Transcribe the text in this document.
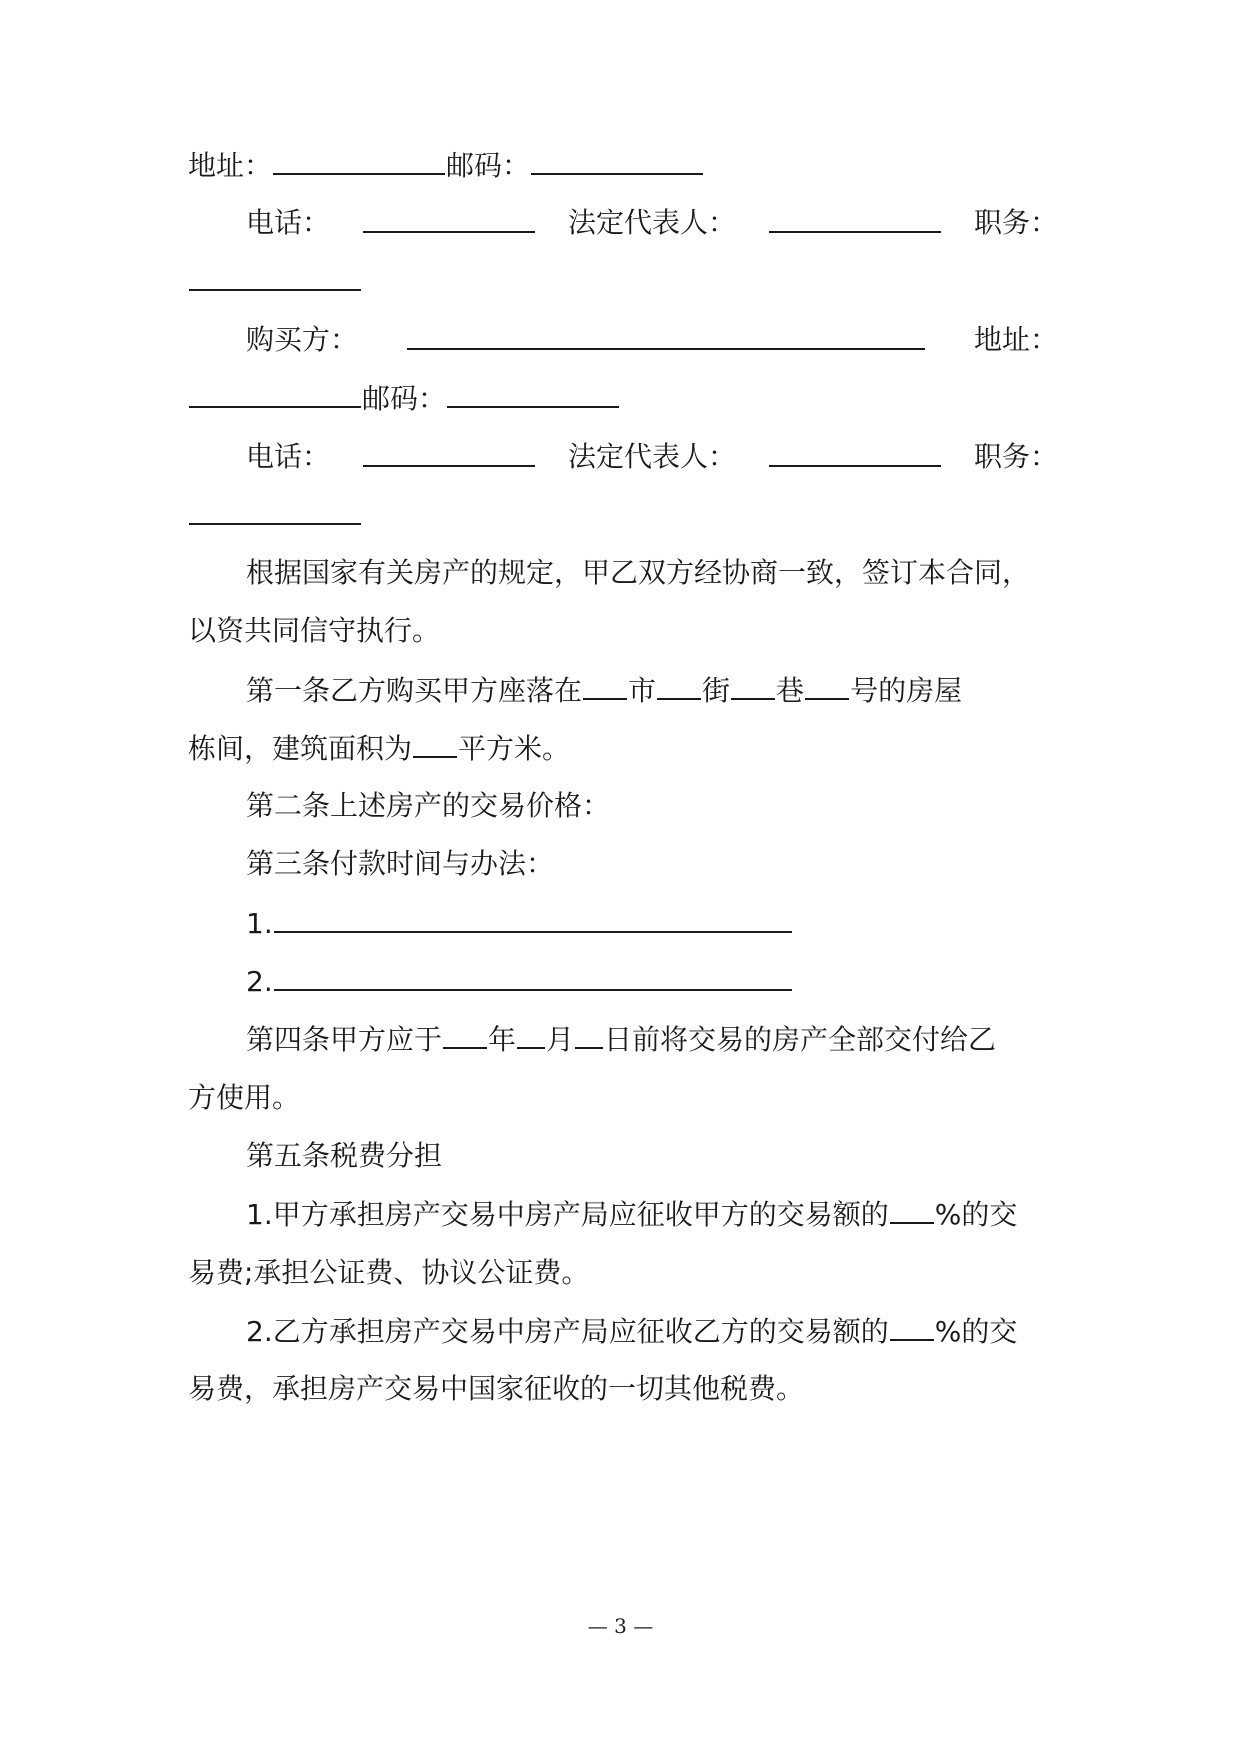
地址：	邮码：
电话：	法定代表人：	职务：
购买方：	地址：
邮码：
电话：	法定代表人：	职务：
根据国家有关房产的规定，甲乙双方经协商一致，签订本合同，
以资共同信守执行。
第一条乙方购买甲方座落在 市 街 巷 号的房屋
栋间，建筑面积为 平方米。
第二条上述房产的交易价格：
第三条付款时间与办法：
1.
2.
第四条甲方应于 年 月 日前将交易的房产全部交付给乙
方使用。
第五条税费分担
1.甲方承担房产交易中房产局应征收甲方的交易额的 %的交
易费;承担公证费、协议公证费。
2.乙方承担房产交易中房产局应征收乙方的交易额的 %的交
易费，承担房产交易中国家征收的一切其他税费。
— 3 —
